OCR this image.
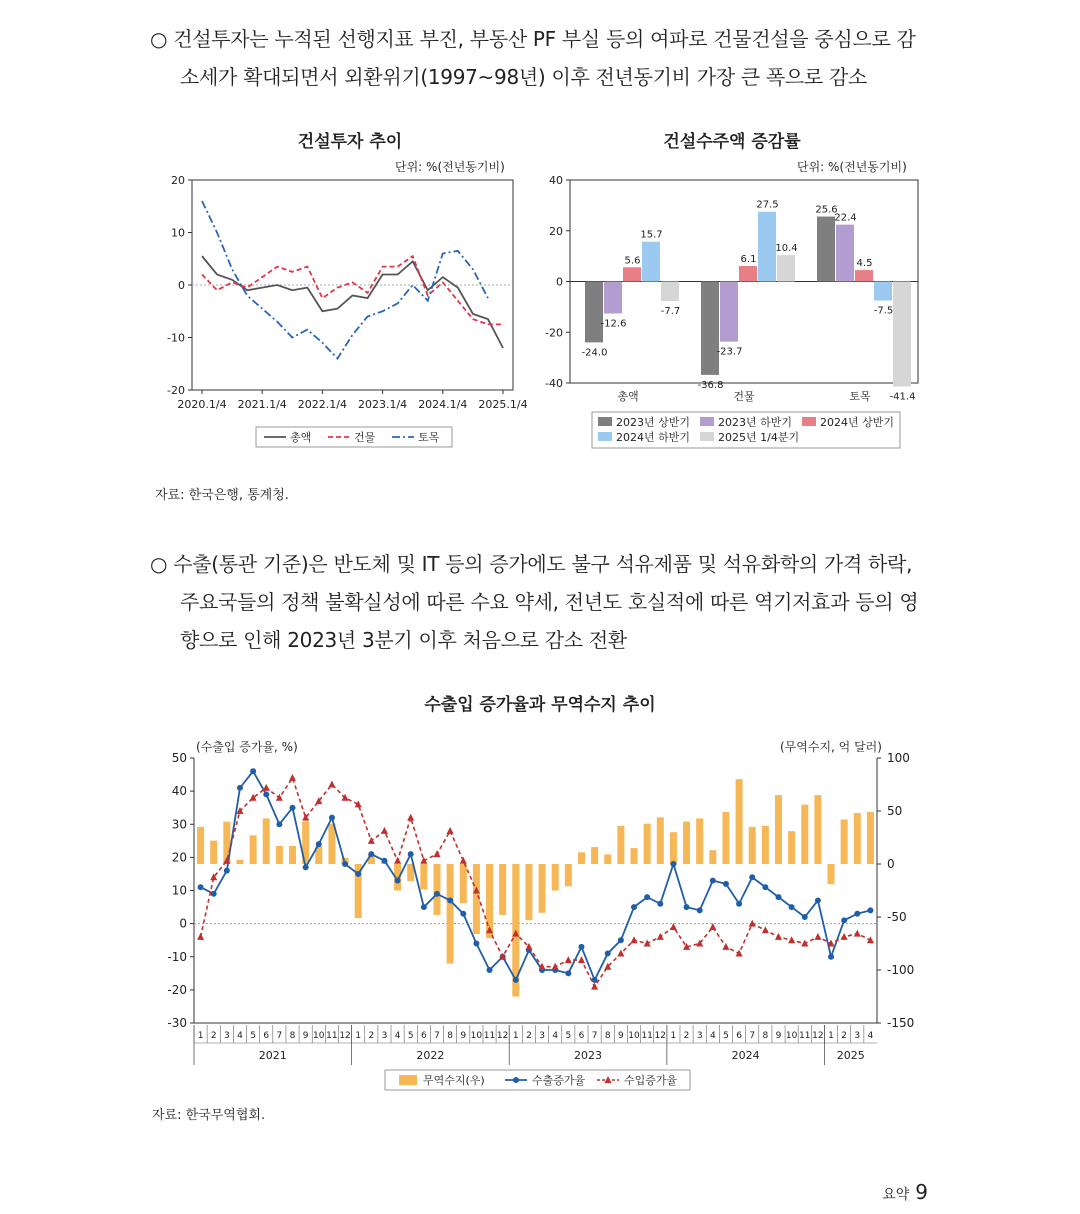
○ 건설투자는 누적된 선행지표 부진, 부동산 PF 부실 등의 여파로 건물건설을 중심으로 감
소세가 확대되면서 외환위기(1997~98년) 이후 전년동기비 가장 큰 폭으로 감소
건설투자 추이
단위: %(전년동기비)
20
10
0
-10
-20
2020.1/4 2021.1/4 2022.1/4 2023.1/4 2024.1/4 2025.1/4
총액	건물	토목
건설수주액 증감률
단위: %(전년동기비)
40
20
0
-20
-40
-24.0
-12.6
5.6
15.7
-7.7
총액
-36.8
-23.7
6.1
27.5
10.4
건물
25.6
22.4
4.5
-7.5
-41.4
토목
2023년 상반기	2023년 하반기	2024년 상반기
2024년 하반기	2025년 1/4분기
자료: 한국은행, 통계청.
○ 수출(통관 기준)은 반도체 및 IT 등의 증가에도 불구 석유제품 및 석유화학의 가격 하락,
주요국들의 정책 불확실성에 따른 수요 약세, 전년도 호실적에 따른 역기저효과 등의 영
향으로 인해 2023년 3분기 이후 처음으로 감소 전환
수출입 증가율과 무역수지 추이
(수출입 증가율, %)	(무역수지, 억 달러)
50
40
30
20
10
0
-10
-20
-30
100
50
0
-50
-100
-150
1 2 3 4 5 6 7 8 9 10 11 12 1 2 3 4 5 6 7 8 9 10 11 12 1 2 3 4 5 6 7 8 9 10 11 12 1 2 3 4 5 6 7 8 9 10 11 12 1 2 3 4
2021	2022	2023	2024	2025
무역수지(우)	수출증가율	수입증가율
자료: 한국무역협회.
요약 9
